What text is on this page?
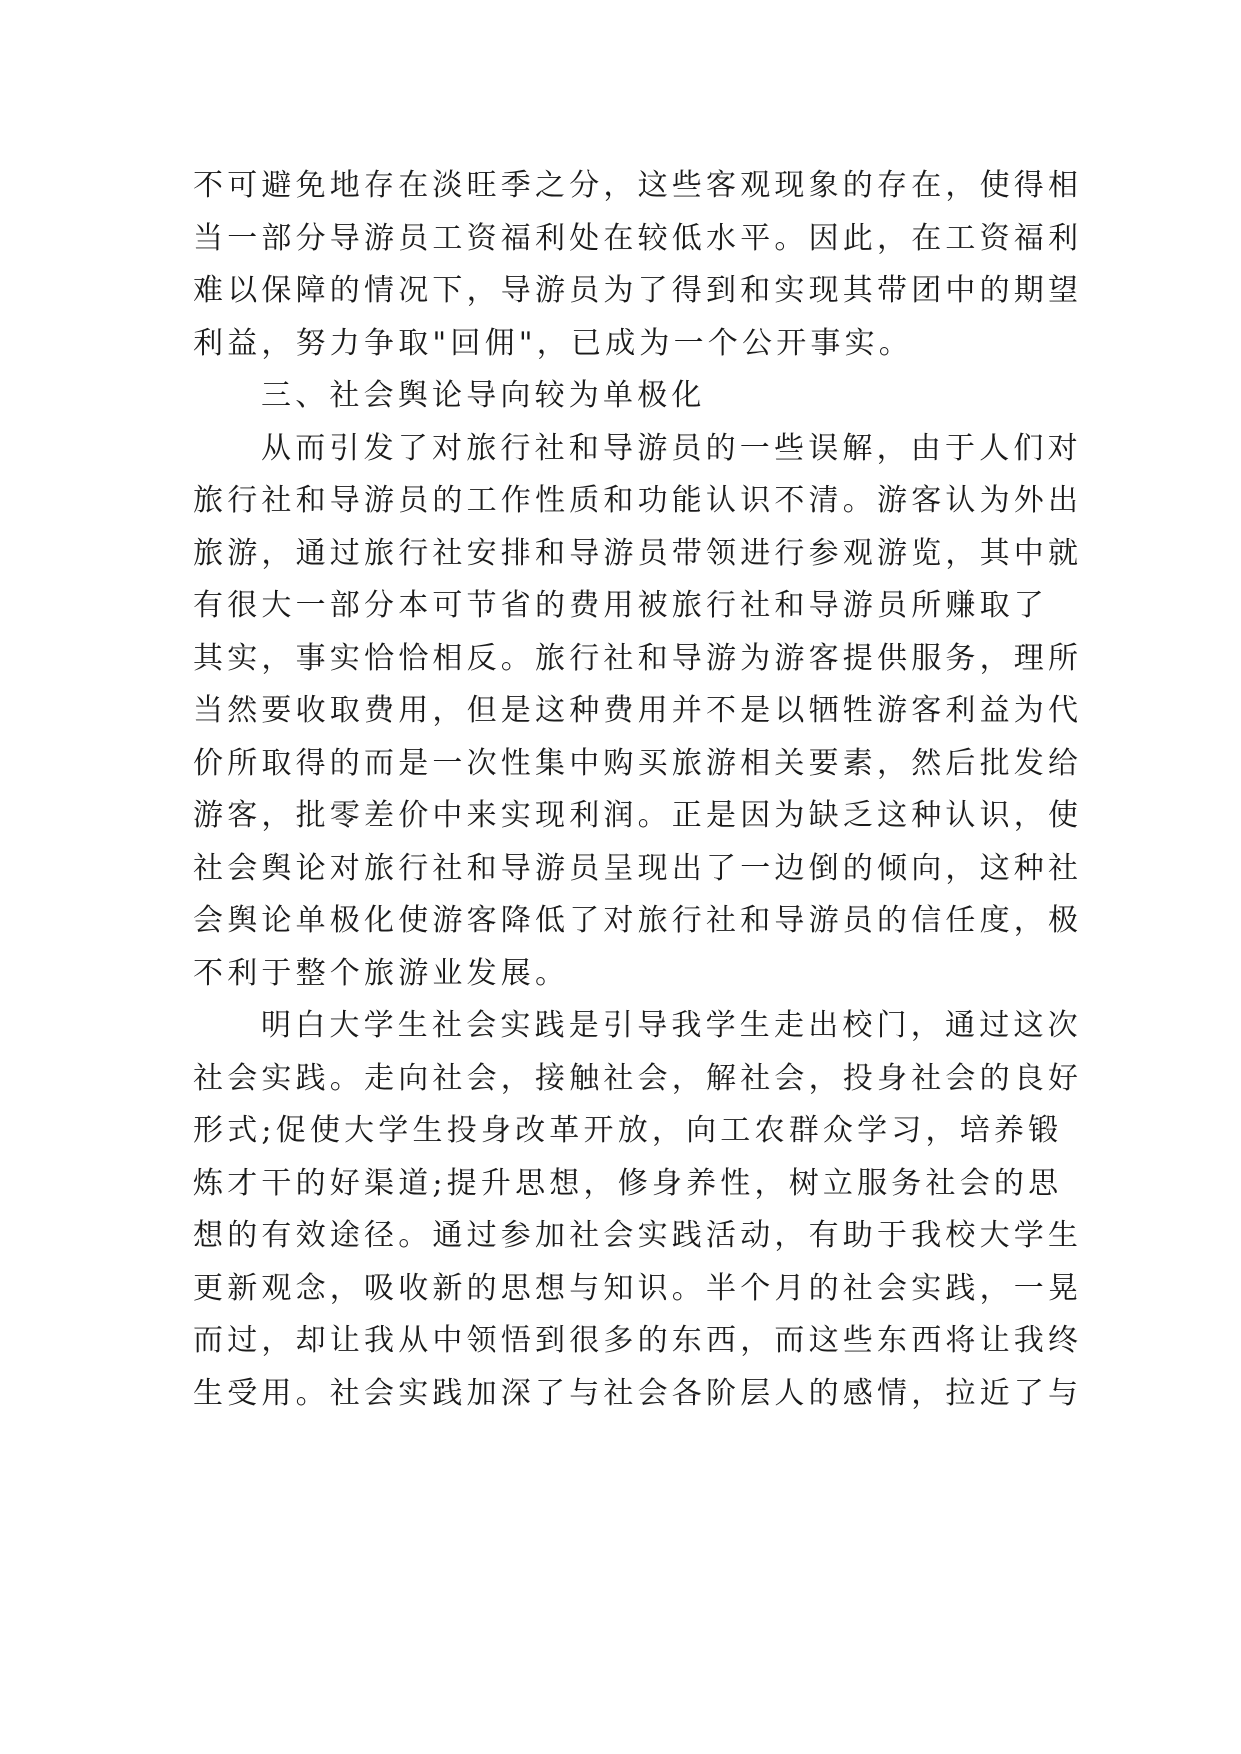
不可避免地存在淡旺季之分，这些客观现象的存在，使得相
当一部分导游员工资福利处在较低水平。因此，在工资福利
难以保障的情况下，导游员为了得到和实现其带团中的期望
利益，努力争取"回佣"，已成为一个公开事实。
三、社会舆论导向较为单极化
从而引发了对旅行社和导游员的一些误解，由于人们对
旅行社和导游员的工作性质和功能认识不清。游客认为外出
旅游，通过旅行社安排和导游员带领进行参观游览，其中就
有很大一部分本可节省的费用被旅行社和导游员所赚取了
其实，事实恰恰相反。旅行社和导游为游客提供服务，理所
当然要收取费用，但是这种费用并不是以牺牲游客利益为代
价所取得的而是一次性集中购买旅游相关要素，然后批发给
游客，批零差价中来实现利润。正是因为缺乏这种认识，使
社会舆论对旅行社和导游员呈现出了一边倒的倾向，这种社
会舆论单极化使游客降低了对旅行社和导游员的信任度，极
不利于整个旅游业发展。
明白大学生社会实践是引导我学生走出校门，通过这次
社会实践。走向社会，接触社会，解社会，投身社会的良好
形式;促使大学生投身改革开放，向工农群众学习，培养锻
炼才干的好渠道;提升思想，修身养性，树立服务社会的思
想的有效途径。通过参加社会实践活动，有助于我校大学生
更新观念，吸收新的思想与知识。半个月的社会实践，一晃
而过，却让我从中领悟到很多的东西，而这些东西将让我终
生受用。社会实践加深了与社会各阶层人的感情，拉近了与
